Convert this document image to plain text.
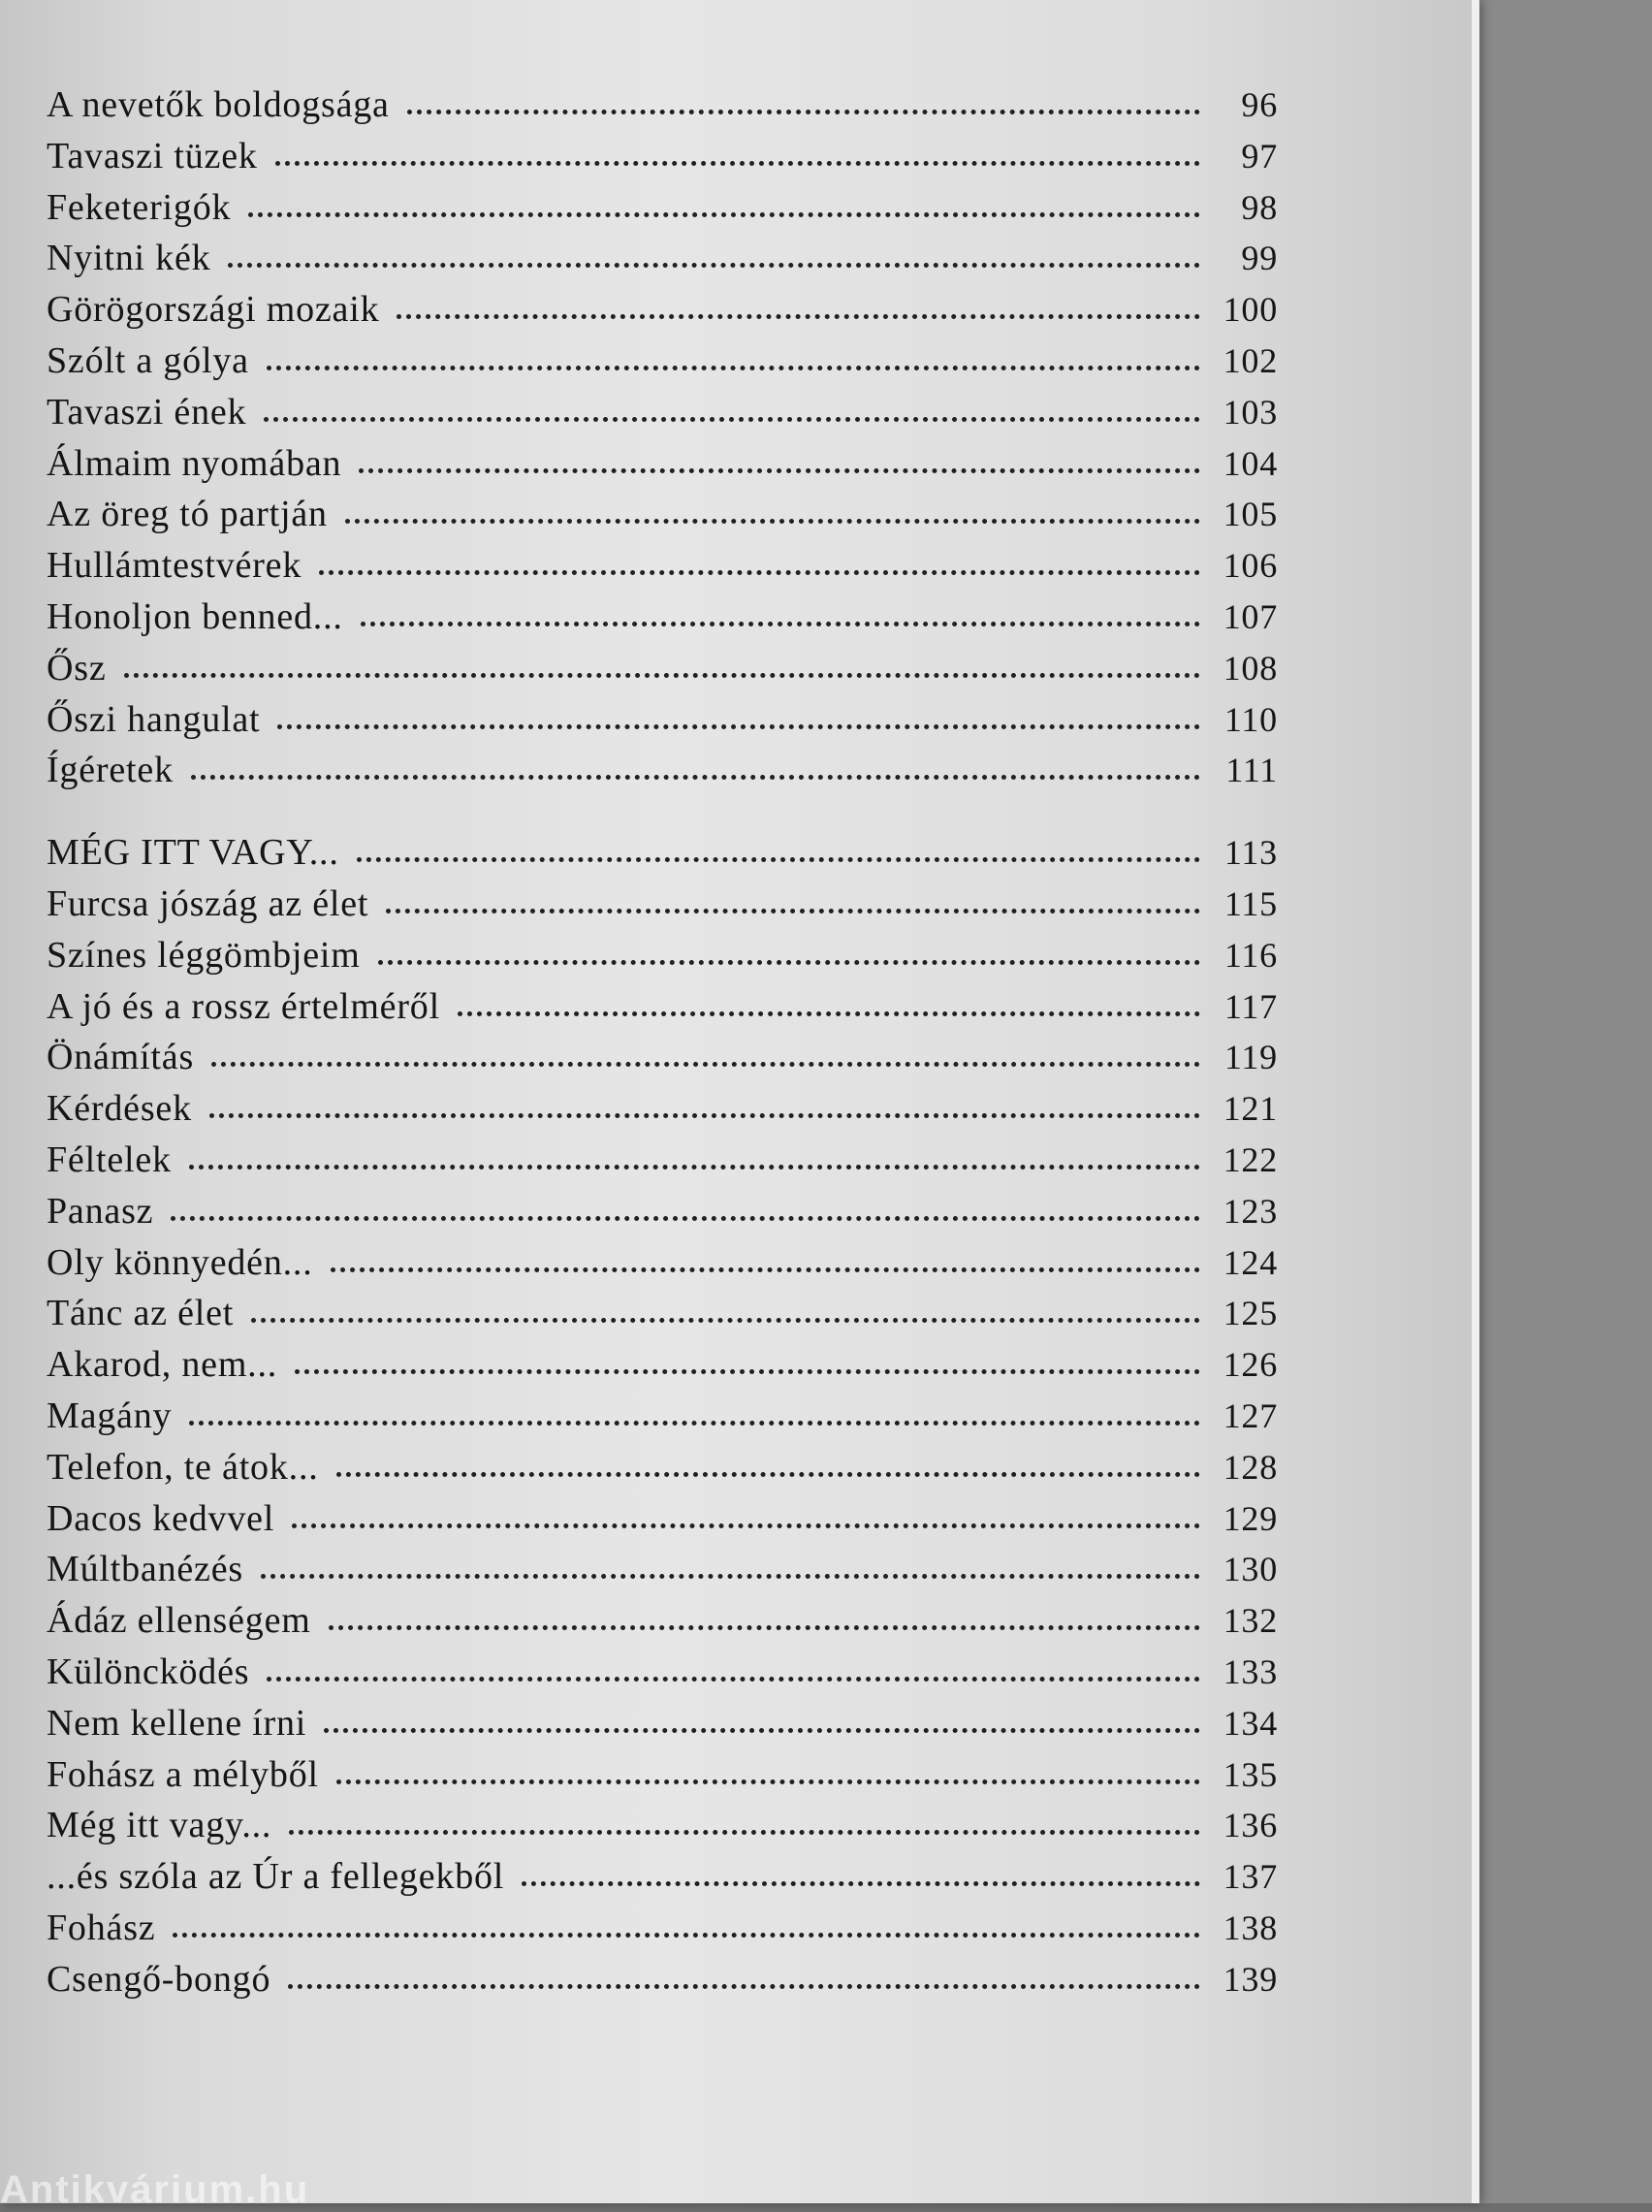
A nevetők boldogsága	96
Tavaszi tüzek	97
Feketerigók	98
Nyitni kék	99
Görögországi mozaik	100
Szólt a gólya	102
Tavaszi ének	103
Álmaim nyomában	104
Az öreg tó partján	105
Hullámtestvérek	106
Honoljon benned...	107
Ősz	108
Őszi hangulat	110
Ígéretek	111
MÉG ITT VAGY...	113
Furcsa jószág az élet	115
Színes léggömbjeim	116
A jó és a rossz értelméről	117
Önámítás	119
Kérdések	121
Féltelek	122
Panasz	123
Oly könnyedén...	124
Tánc az élet	125
Akarod, nem...	126
Magány	127
Telefon, te átok...	128
Dacos kedvvel	129
Múltbanézés	130
Ádáz ellenségem	132
Különcködés	133
Nem kellene írni	134
Fohász a mélyből	135
Még itt vagy...	136
...és szóla az Úr a fellegekből	137
Fohász	138
Csengő-bongó	139
Antikvárium.hu
